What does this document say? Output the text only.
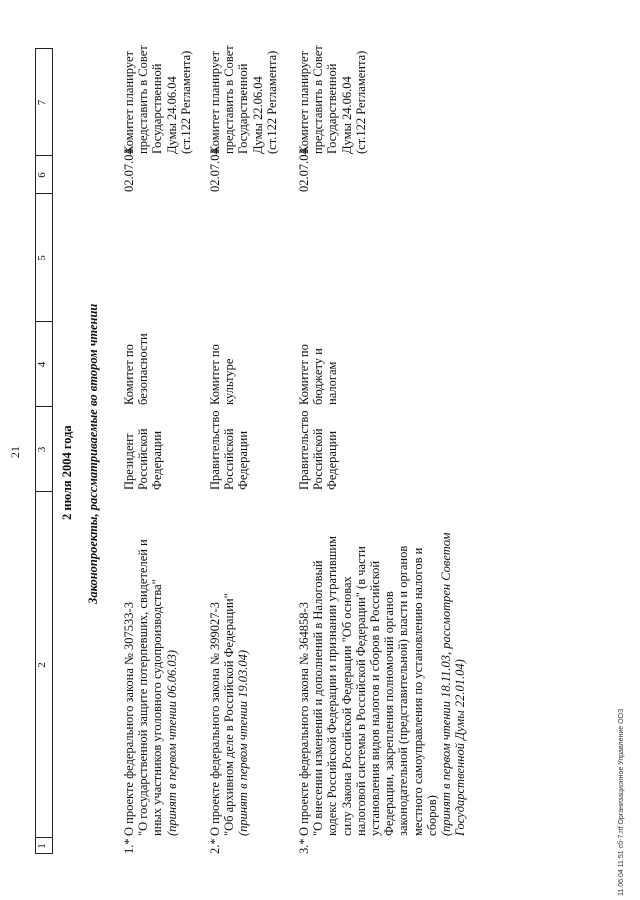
21
1
2
3
4
5
6
7
2 июля 2004 года Законопроекты, рассматриваемые во втором чтении
1.*

О проекте федерального закона № 307533-3 "О государственной защите потерпевших, свидетелей и иных участников уголовного судопроизводства" (принят в первом чтении 06.06.03)

Президент Российской Федерации
Комитет по безопасности
02.07.04
Комитет планирует представить в Совет Государственной Думы 24.06.04 (ст.122 Регламента)
2.*

О проекте федерального закона № 399027-3 "Об архивном деле в Российской Федерации" (принят в первом чтении 19.03.04)

Правительство Российской Федерации
Комитет по культуре
02.07.04
Комитет планирует представить в Совет Государственной Думы 22.06.04 (ст.122 Регламента)
3.*

О проекте федерального закона № 364858-3 "О внесении изменений и дополнений в Налоговый кодекс Российской Федерации и признании утратившим силу Закона Российской Федерации "Об основах налоговой системы в Российской Федерации" (в части установления видов налогов и сборов в Российской Федерации, закрепления полномочий органов законодательной (представительной) власти и органов местного самоуправления по установлению налогов и сборов) (принят в первом чтении 18.11.03, рассмотрен Советом Государственной Думы 22.01.04)

Правительство Российской Федерации
Комитет по бюджету и налогам
02.07.04
Комитет планирует представить в Совет Государственной Думы 24.06.04 (ст.122 Регламента)
11.06.04 11:51 сб-7.rtf Организационное Управление ООЗ
